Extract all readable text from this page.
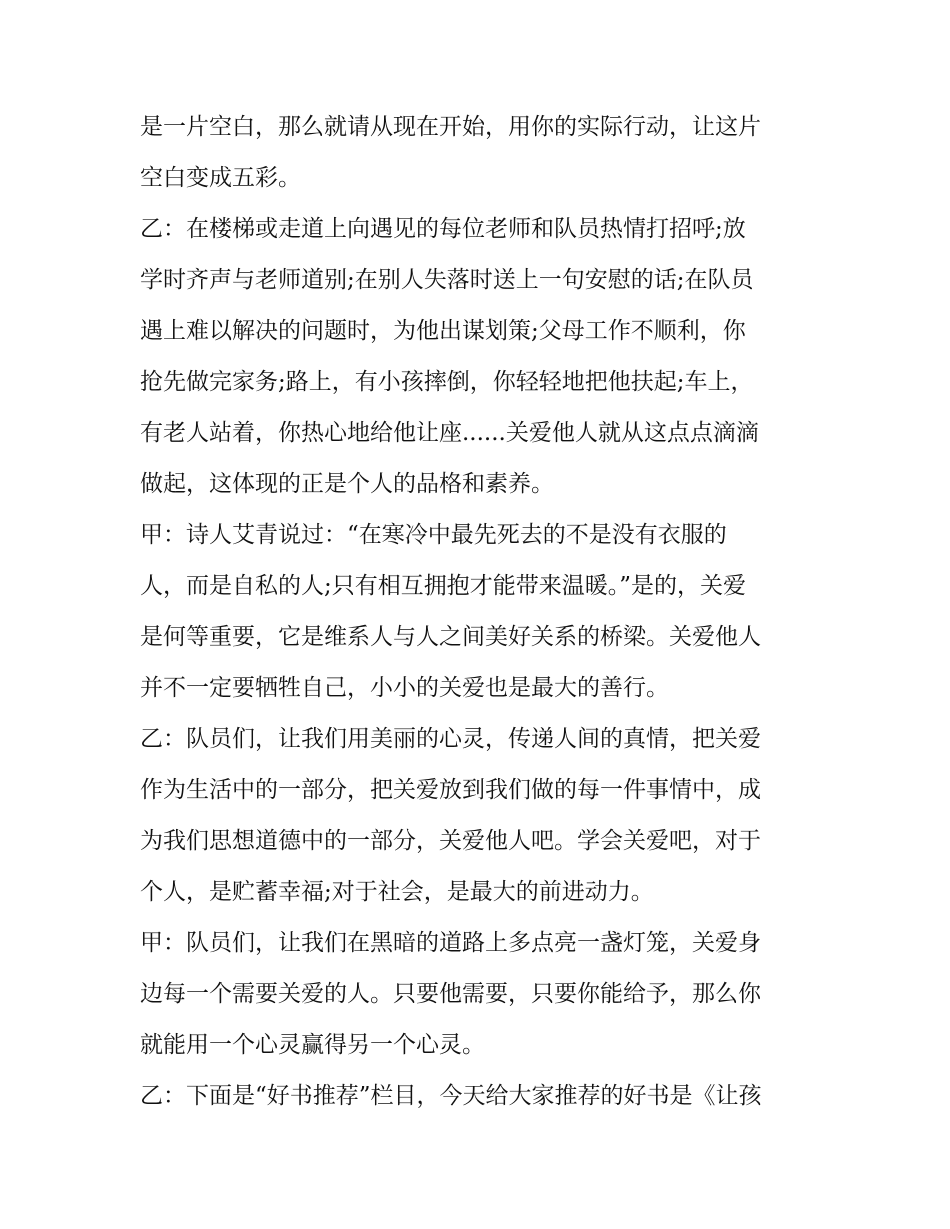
是一片空白，那么就请从现在开始，用你的实际行动，让这片
空白变成五彩。
乙：在楼梯或走道上向遇见的每位老师和队员热情打招呼;放
学时齐声与老师道别;在别人失落时送上一句安慰的话;在队员
遇上难以解决的问题时，为他出谋划策;父母工作不顺利，你
抢先做完家务;路上，有小孩摔倒，你轻轻地把他扶起;车上，
有老人站着，你热心地给他让座......关爱他人就从这点点滴滴
做起，这体现的正是个人的品格和素养。
甲：诗人艾青说过：“在寒冷中最先死去的不是没有衣服的
人，而是自私的人;只有相互拥抱才能带来温暖。”是的，关爱
是何等重要，它是维系人与人之间美好关系的桥梁。关爱他人
并不一定要牺牲自己，小小的关爱也是最大的善行。
乙：队员们，让我们用美丽的心灵，传递人间的真情，把关爱
作为生活中的一部分，把关爱放到我们做的每一件事情中，成
为我们思想道德中的一部分，关爱他人吧。学会关爱吧，对于
个人，是贮蓄幸福;对于社会，是最大的前进动力。
甲：队员们，让我们在黑暗的道路上多点亮一盏灯笼，关爱身
边每一个需要关爱的人。只要他需要，只要你能给予，那么你
就能用一个心灵赢得另一个心灵。
乙：下面是“好书推荐”栏目，今天给大家推荐的好书是《让孩
